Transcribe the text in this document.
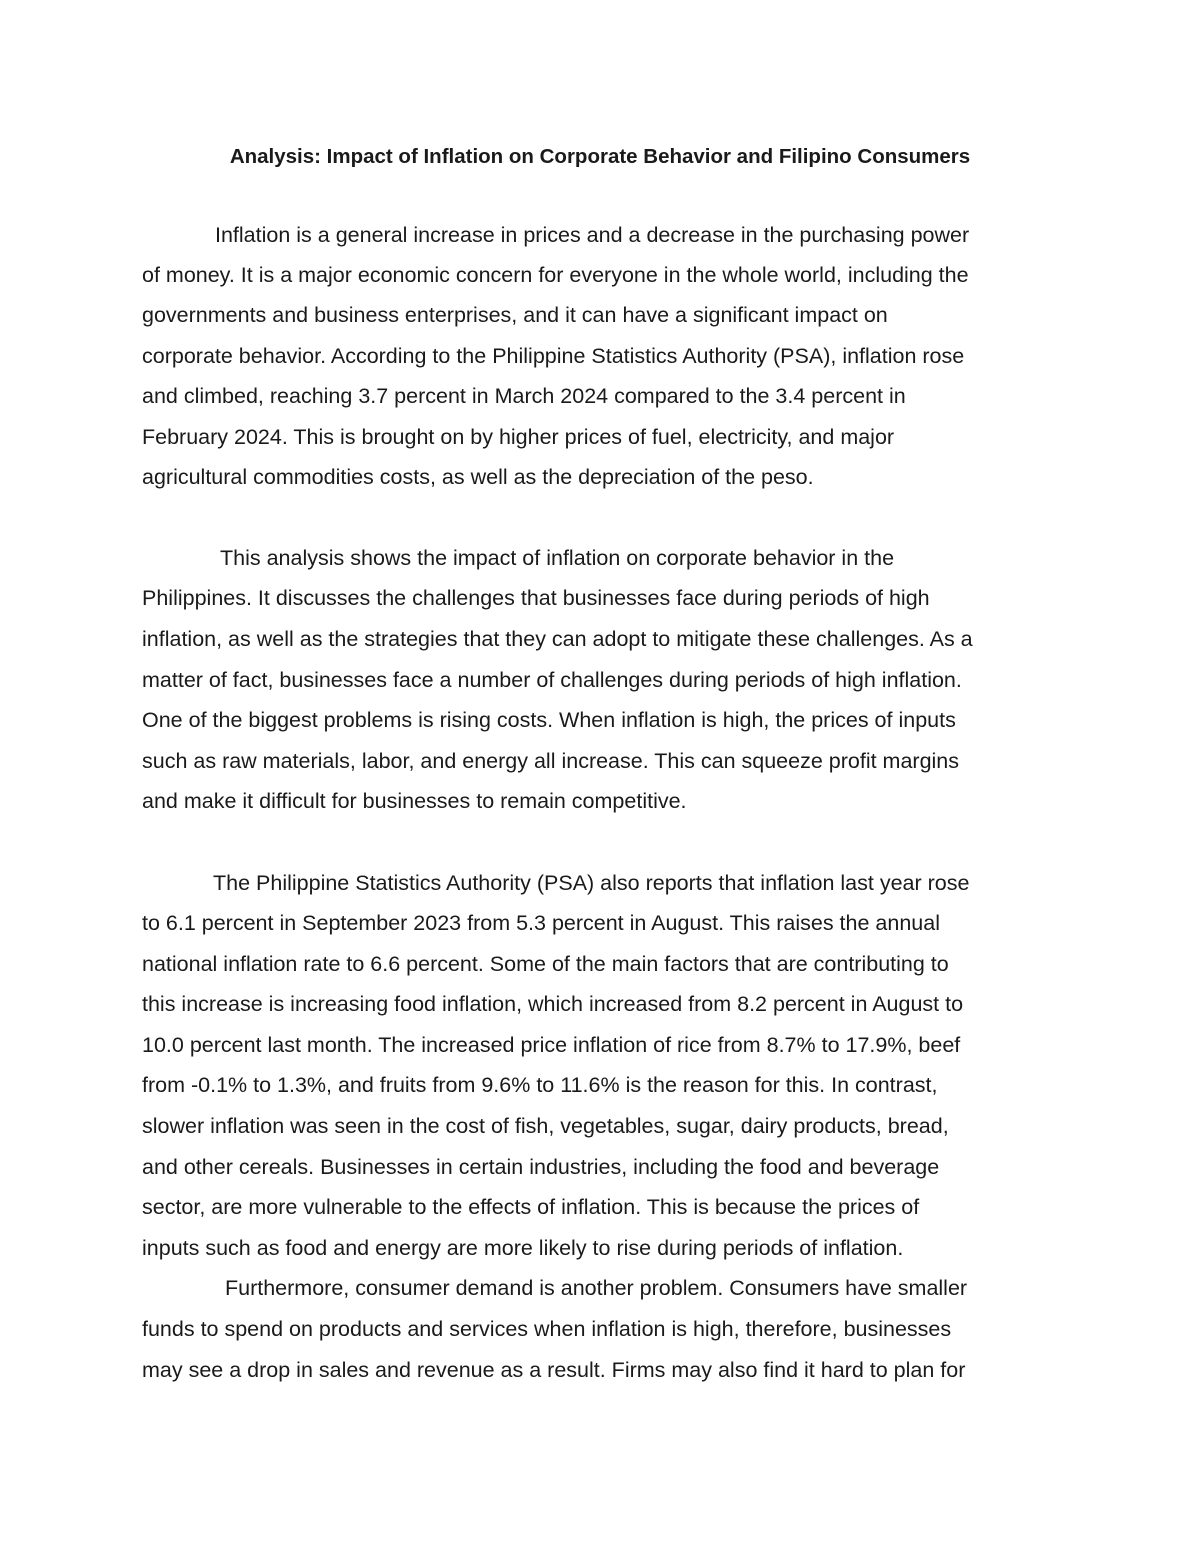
Analysis: Impact of Inflation on Corporate Behavior and Filipino Consumers

Inflation is a general increase in prices and a decrease in the purchasing power

of money. It is a major economic concern for everyone in the whole world, including the

governments and business enterprises, and it can have a significant impact on

corporate behavior. According to the Philippine Statistics Authority (PSA), inflation rose

and climbed, reaching 3.7 percent in March 2024 compared to the 3.4 percent in

February 2024. This is brought on by higher prices of fuel, electricity, and major

agricultural commodities costs, as well as the depreciation of the peso.

This analysis shows the impact of inflation on corporate behavior in the

Philippines. It discusses the challenges that businesses face during periods of high

inflation, as well as the strategies that they can adopt to mitigate these challenges. As a

matter of fact, businesses face a number of challenges during periods of high inflation.

One of the biggest problems is rising costs. When inflation is high, the prices of inputs

such as raw materials, labor, and energy all increase. This can squeeze profit margins

and make it difficult for businesses to remain competitive.

The Philippine Statistics Authority (PSA) also reports that inflation last year rose

to 6.1 percent in September 2023 from 5.3 percent in August. This raises the annual

national inflation rate to 6.6 percent. Some of the main factors that are contributing to

this increase is increasing food inflation, which increased from 8.2 percent in August to

10.0 percent last month. The increased price inflation of rice from 8.7% to 17.9%, beef

from -0.1% to 1.3%, and fruits from 9.6% to 11.6% is the reason for this. In contrast,

slower inflation was seen in the cost of fish, vegetables, sugar, dairy products, bread,

and other cereals. Businesses in certain industries, including the food and beverage

sector, are more vulnerable to the effects of inflation. This is because the prices of

inputs such as food and energy are more likely to rise during periods of inflation.

Furthermore, consumer demand is another problem. Consumers have smaller

funds to spend on products and services when inflation is high, therefore, businesses

may see a drop in sales and revenue as a result. Firms may also find it hard to plan for
